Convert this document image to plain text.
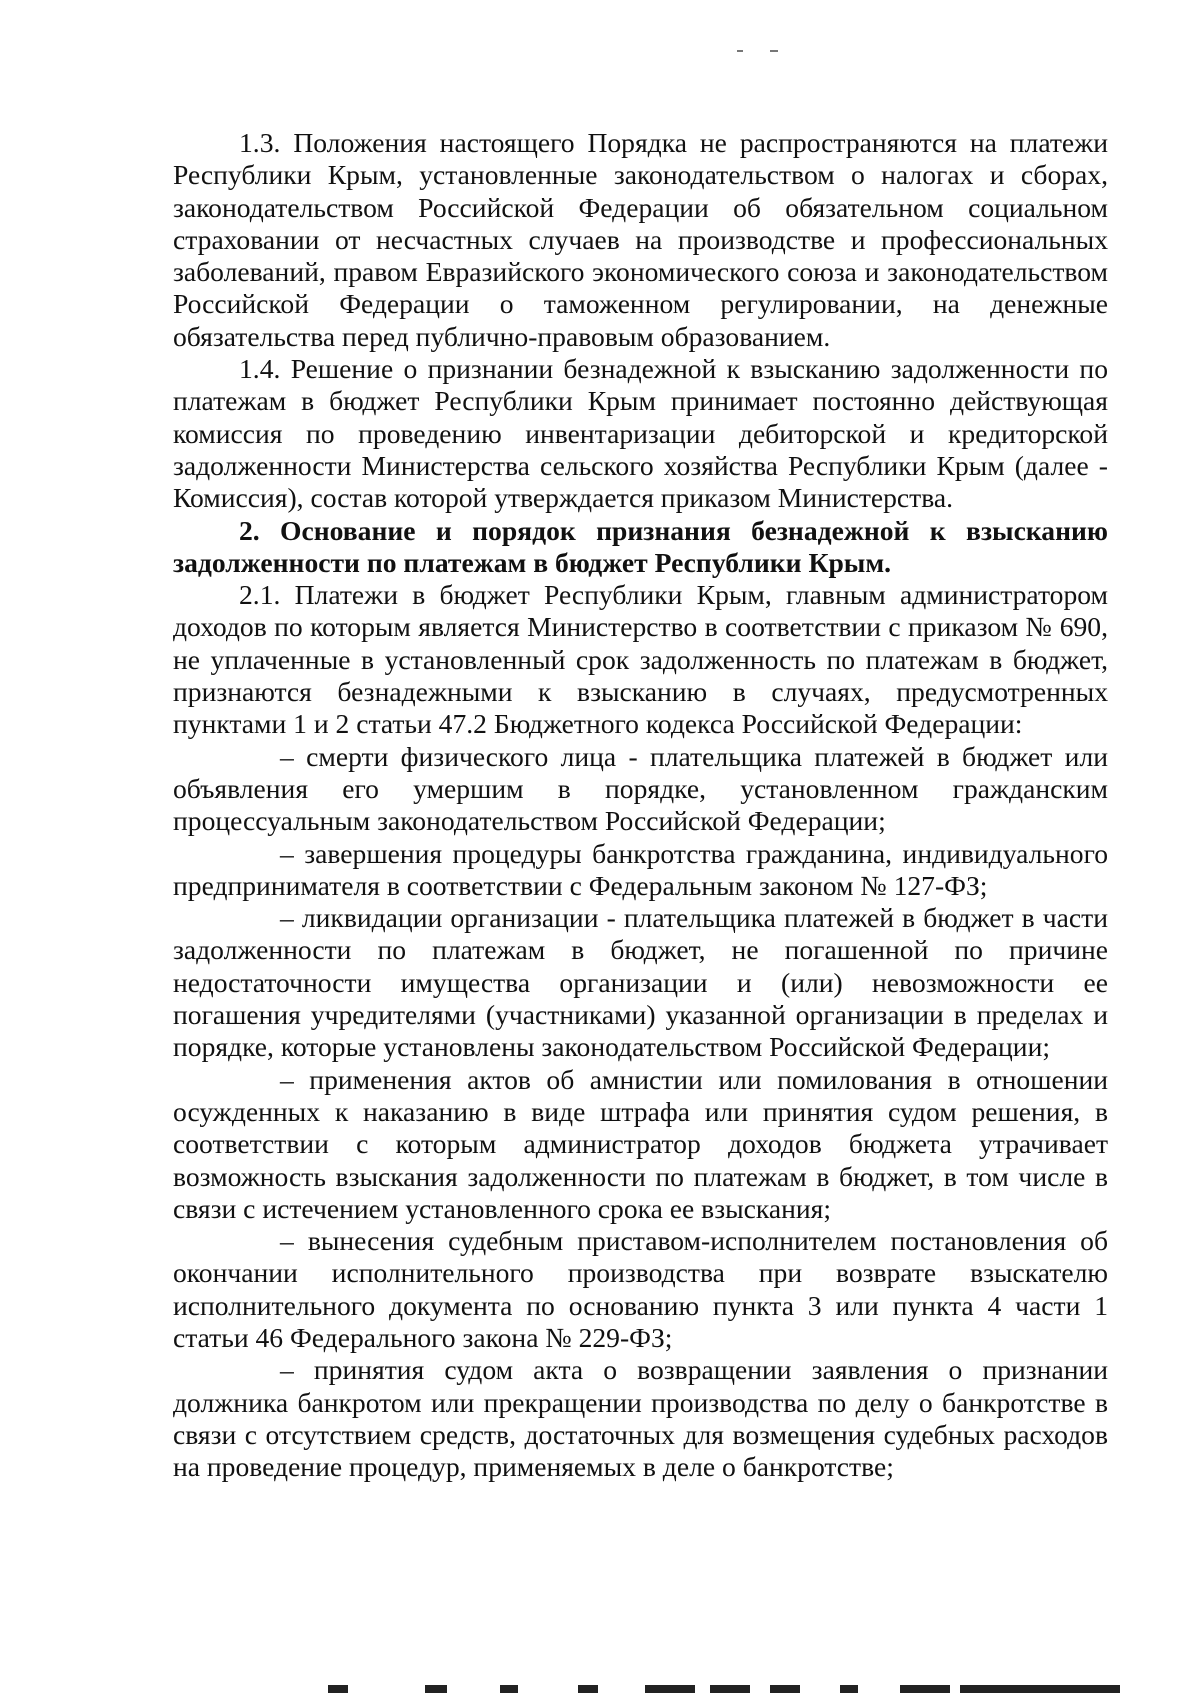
1.3. Положения настоящего Порядка не распространяются на платежи Республики Крым, установленные законодательством о налогах и сборах, законодательством Российской Федерации об обязательном социальном страховании от несчастных случаев на производстве и профессиональных заболеваний, правом Евразийского экономического союза и законодательством Российской Федерации о таможенном регулировании, на денежные обязательства перед публично-правовым образованием.

1.4. Решение о признании безнадежной к взысканию задолженности по платежам в бюджет Республики Крым принимает постоянно действующая комиссия по проведению инвентаризации дебиторской и кредиторской задолженности Министерства сельского хозяйства Республики Крым (далее - Комиссия), состав которой утверждается приказом Министерства.

2. Основание и порядок признания безнадежной к взысканию задолженности по платежам в бюджет Республики Крым.

2.1. Платежи в бюджет Республики Крым, главным администратором доходов по которым является Министерство в соответствии с приказом № 690, не уплаченные в установленный срок задолженность по платежам в бюджет, признаются безнадежными к взысканию в случаях, предусмотренных пунктами 1 и 2 статьи 47.2 Бюджетного кодекса Российской Федерации:

– смерти физического лица - плательщика платежей в бюджет или объявления его умершим в порядке, установленном гражданским процессуальным законодательством Российской Федерации;

– завершения процедуры банкротства гражданина, индивидуального предпринимателя в соответствии с Федеральным законом № 127-ФЗ;

– ликвидации организации - плательщика платежей в бюджет в части задолженности по платежам в бюджет, не погашенной по причине недостаточности имущества организации и (или) невозможности ее погашения учредителями (участниками) указанной организации в пределах и порядке, которые установлены законодательством Российской Федерации;

– применения актов об амнистии или помилования в отношении осужденных к наказанию в виде штрафа или принятия судом решения, в соответствии с которым администратор доходов бюджета утрачивает возможность взыскания задолженности по платежам в бюджет, в том числе в связи с истечением установленного срока ее взыскания;

– вынесения судебным приставом-исполнителем постановления об окончании исполнительного производства при возврате взыскателю исполнительного документа по основанию пункта 3 или пункта 4 части 1 статьи 46 Федерального закона № 229-ФЗ;

– принятия судом акта о возвращении заявления о признании должника банкротом или прекращении производства по делу о банкротстве в связи с отсутствием средств, достаточных для возмещения судебных расходов на проведение процедур, применяемых в деле о банкротстве;
